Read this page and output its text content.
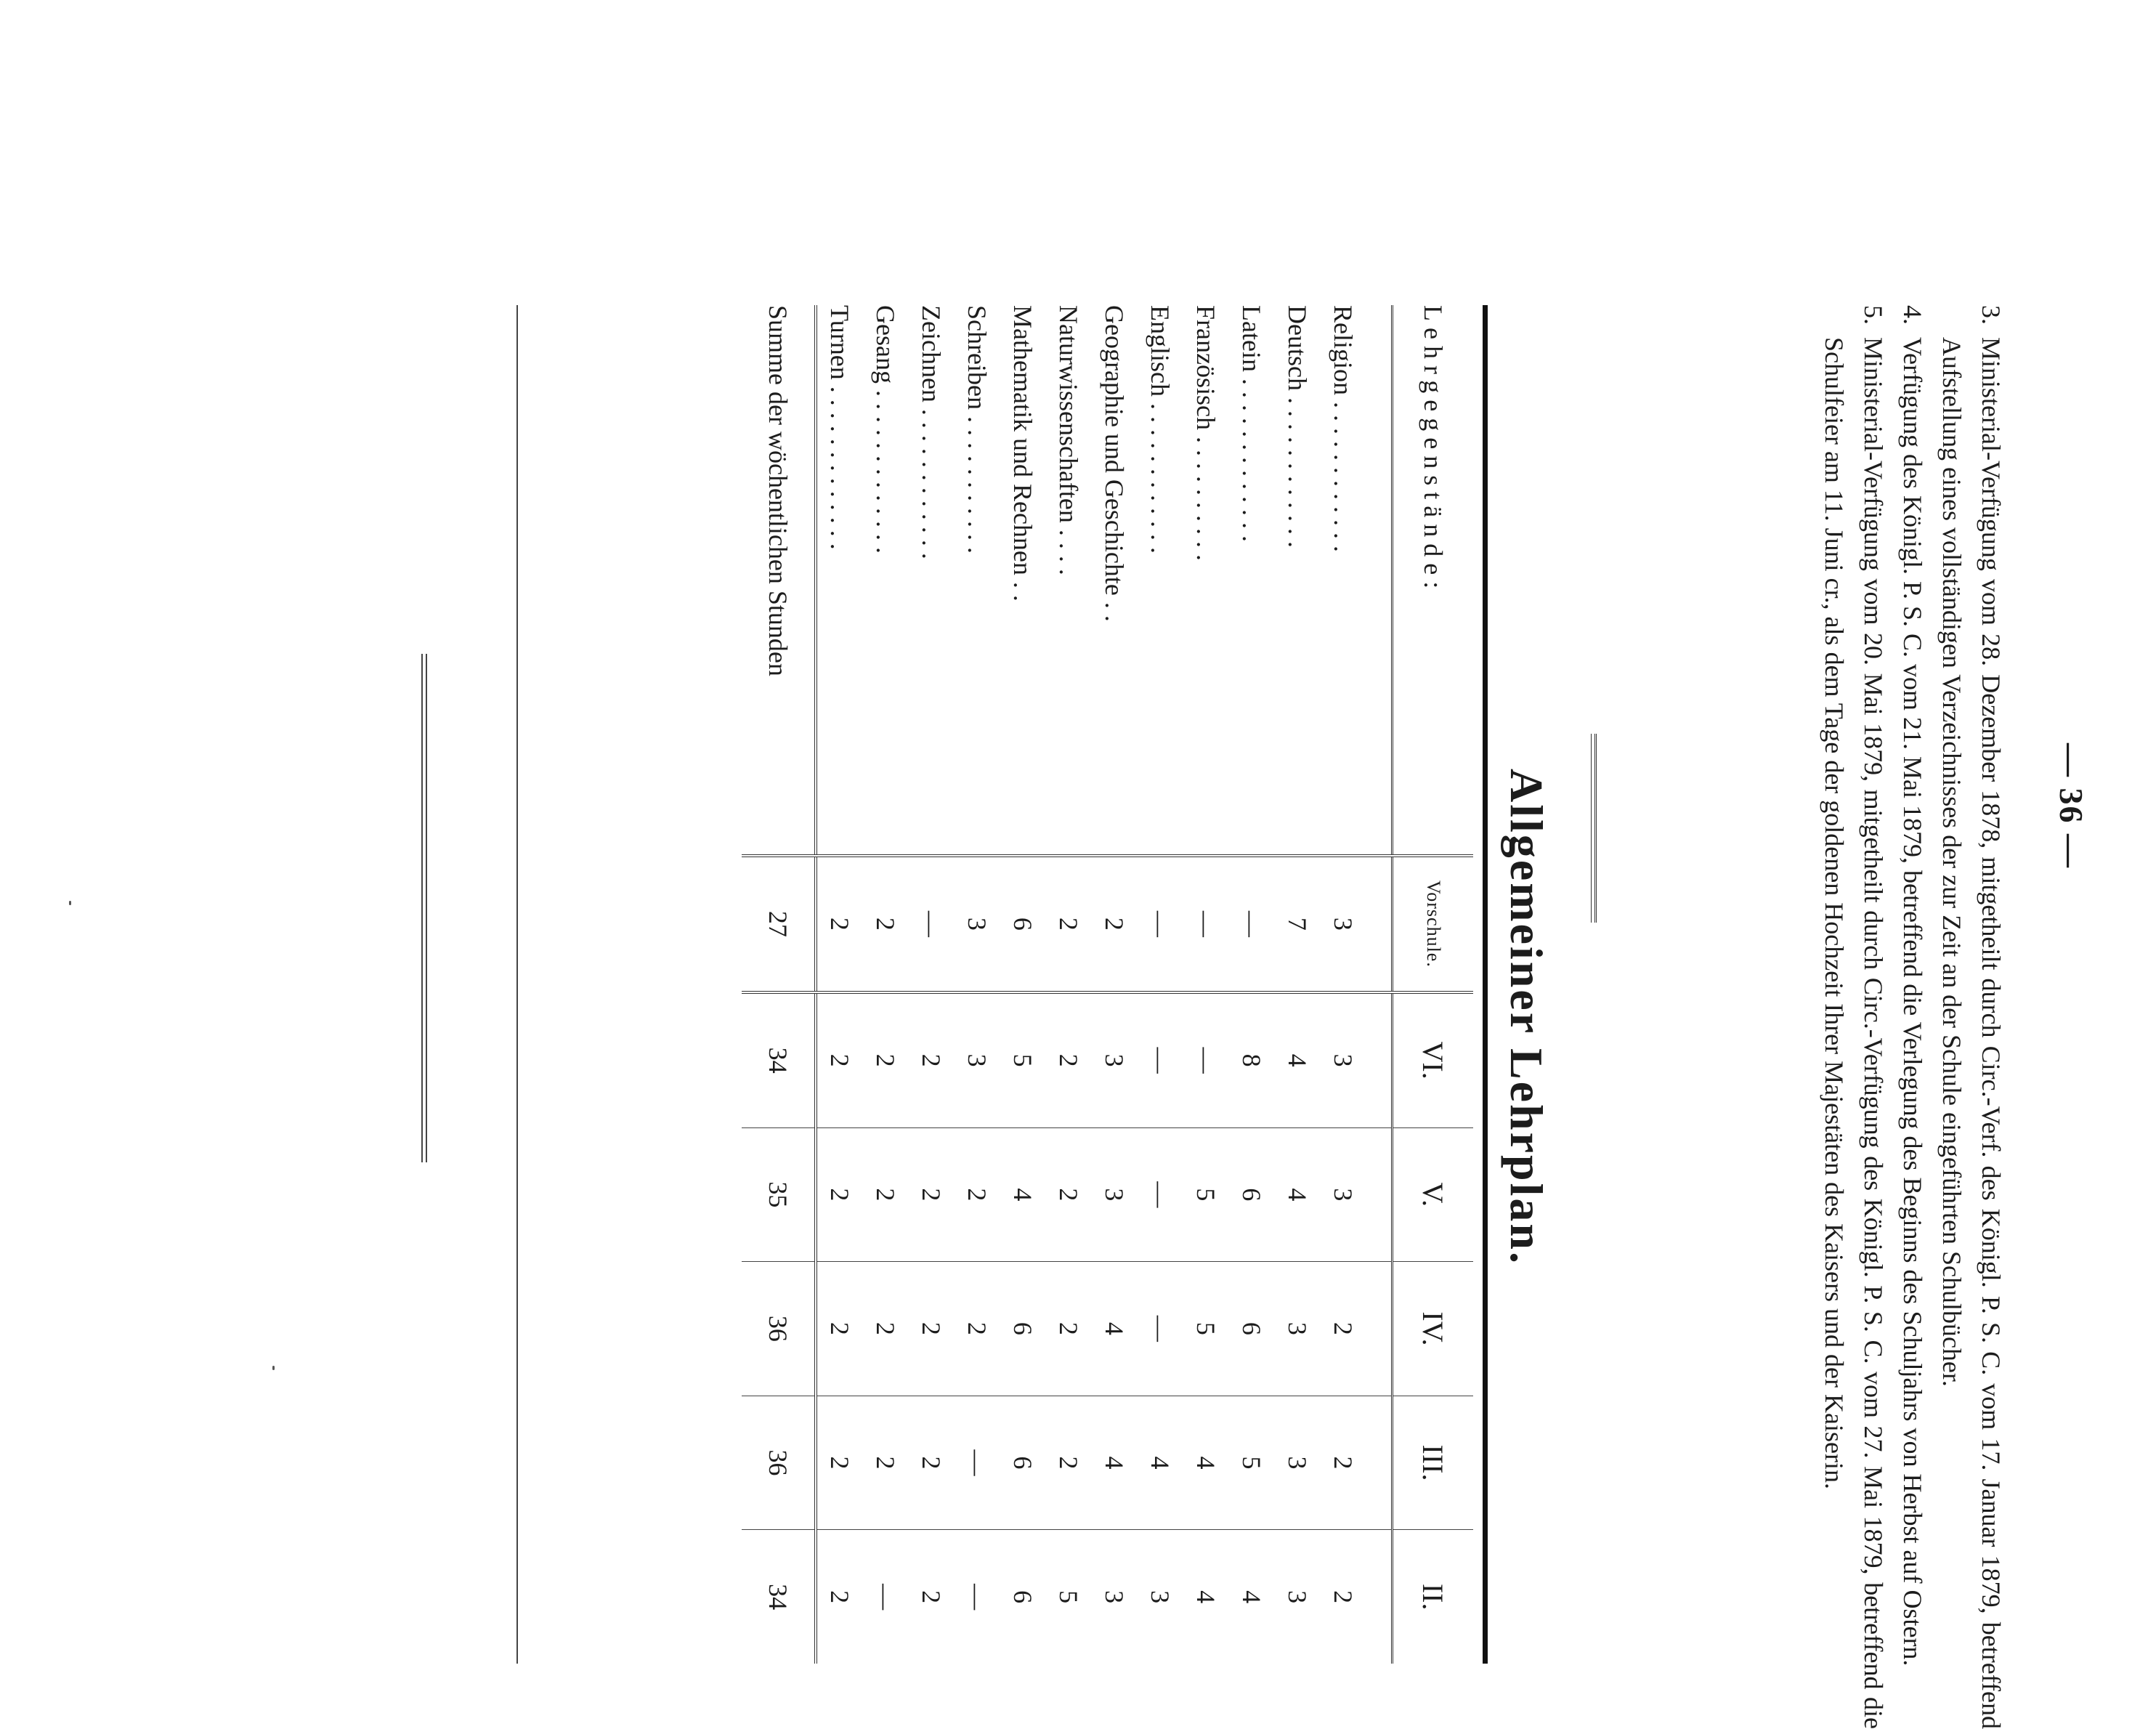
— 36 —
3.
Ministerial-Verfügung vom 28. Dezember 1878, mitgetheilt durch Circ.-Verf. des Königl. P. S. C. vom 17. Januar 1879, betreffend Aufstellung eines vollständigen Verzeichnisses der zur Zeit an der Schule eingeführten Schulbücher.
4.
Verfügung des Königl. P. S. C. vom 21. Mai 1879, betreffend die Verlegung des Beginns des Schuljahrs von Herbst auf Ostern.
5.
Ministerial-Verfügung vom 20. Mai 1879, mitgetheilt durch Circ.-Verfügung des Königl. P. S. C. vom 27. Mai 1879, betreffend die Schulfeier am 11. Juni cr., als dem Tage der goldenen Hochzeit Ihrer Majestäten des Kaisers und der Kaiserin.
Allgemeiner Lehrplan.
Lehrgegenstände:	Vorschule.	VI.	V.	IV.	III.	II.

Religion . . . . . . . . . . . .	3	3	3	2	2	2
Deutsch . . . . . . . . . . . .	7	4	4	3	3	3
Latein . . . . . . . . . . . . .	—	8	6	6	5	4
Französisch . . . . . . . . . .	—	—	5	5	4	4
Englisch . . . . . . . . . . . .	—	—	—	—	4	3
Geographie und Geschichte . .	2	3	3	4	4	3
Naturwissenschaften . . . .	2	2	2	2	2	5
Mathematik und Rechnen . .	6	5	4	6	6	6
Schreiben . . . . . . . . . . .	3	3	2	2	—	—
Zeichnen . . . . . . . . . . . .	—	2	2	2	2	2
Gesang . . . . . . . . . . . . .	2	2	2	2	2	—
Turnen . . . . . . . . . . . . .	2	2	2	2	2	2
Summe der wöchentlichen Stunden	27	34	35	36	36	34
